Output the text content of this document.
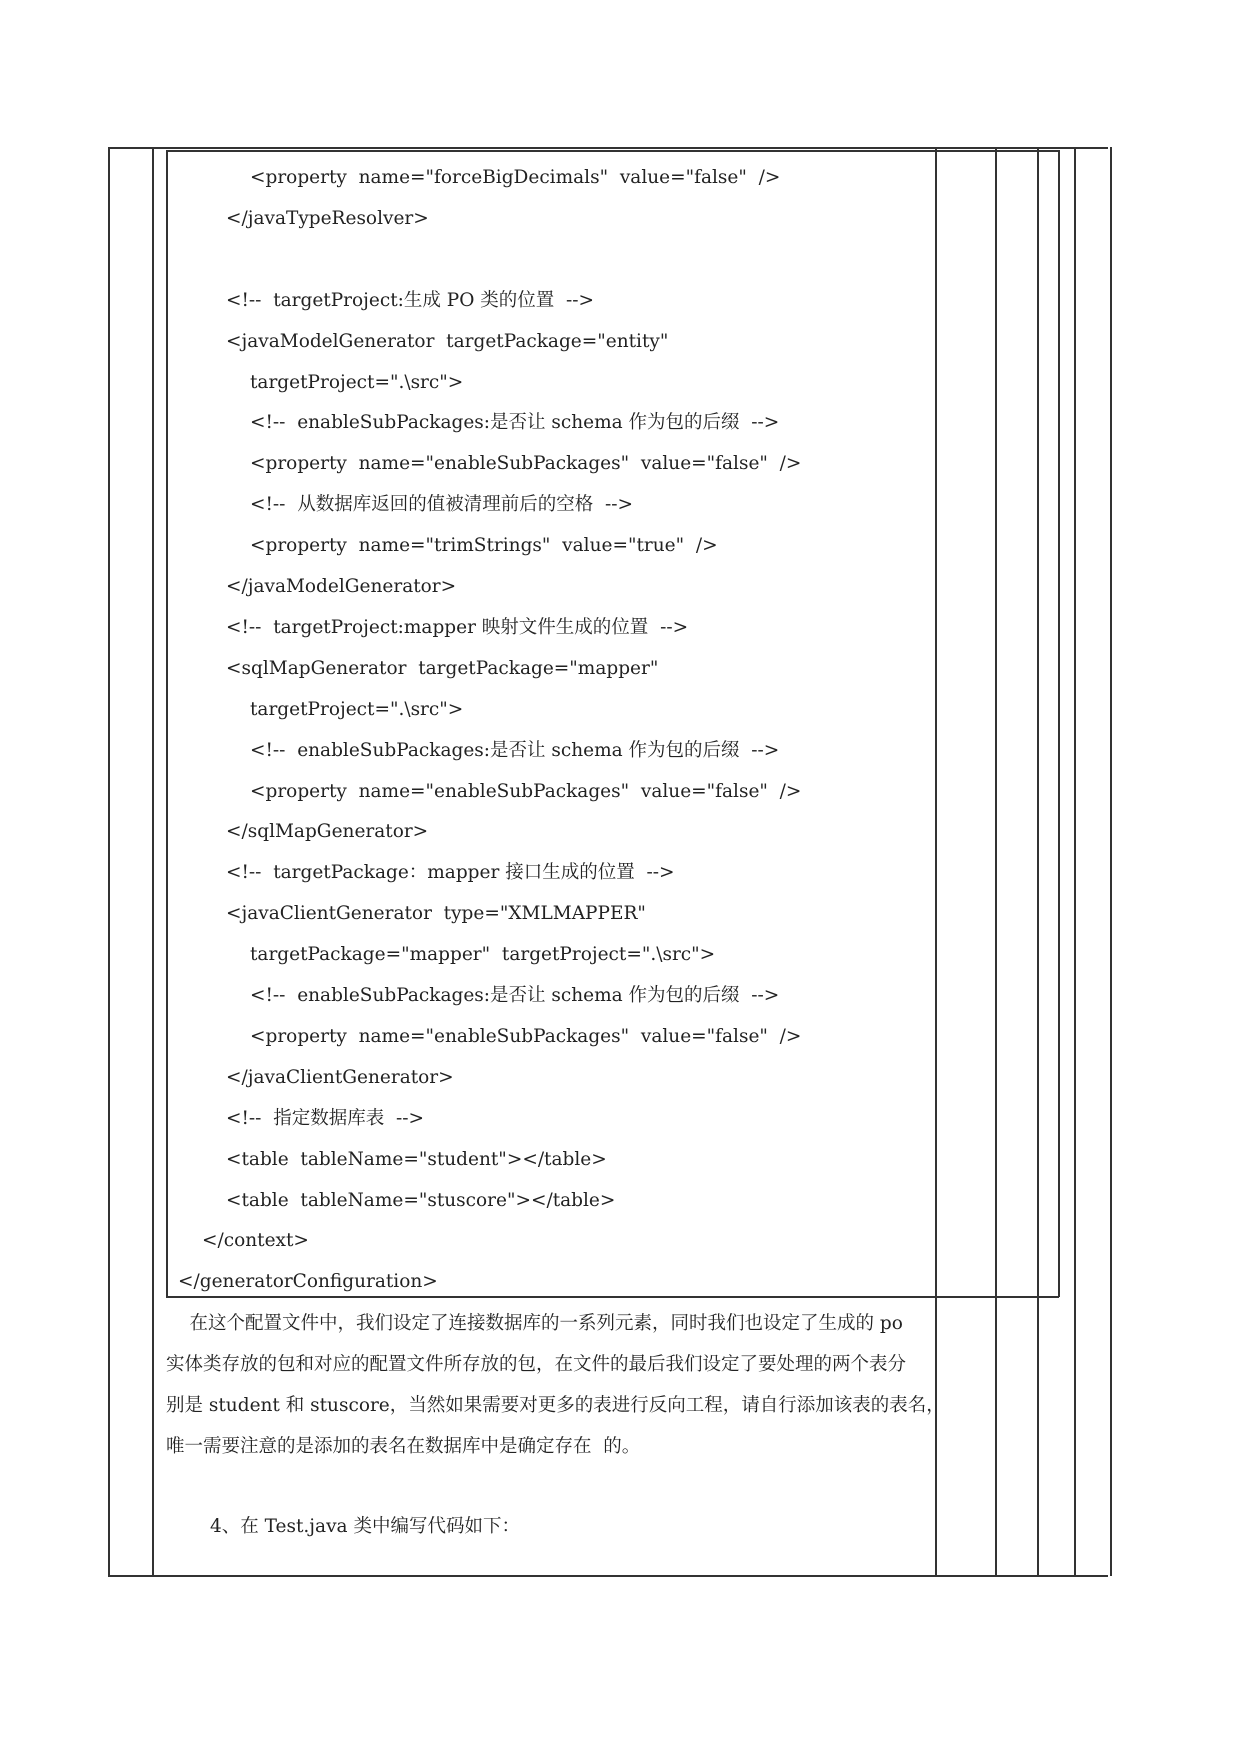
<property  name="forceBigDecimals"  value="false"  />
</javaTypeResolver>
<!--  targetProject:生成 PO 类的位置  -->
<javaModelGenerator  targetPackage="entity"
targetProject=".\src">
<!--  enableSubPackages:是否让 schema 作为包的后缀  -->
<property  name="enableSubPackages"  value="false"  />
<!--  从数据库返回的值被清理前后的空格  -->
<property  name="trimStrings"  value="true"  />
</javaModelGenerator>
<!--  targetProject:mapper 映射文件生成的位置  -->
<sqlMapGenerator  targetPackage="mapper"
targetProject=".\src">
<!--  enableSubPackages:是否让 schema 作为包的后缀  -->
<property  name="enableSubPackages"  value="false"  />
</sqlMapGenerator>
<!--  targetPackage：mapper 接口生成的位置  -->
<javaClientGenerator  type="XMLMAPPER"
targetPackage="mapper"  targetProject=".\src">
<!--  enableSubPackages:是否让 schema 作为包的后缀  -->
<property  name="enableSubPackages"  value="false"  />
</javaClientGenerator>
<!--  指定数据库表  -->
<table  tableName="student"></table>
<table  tableName="stuscore"></table>
</context>
</generatorConfiguration>
在这个配置文件中，我们设定了连接数据库的一系列元素，同时我们也设定了生成的 po
实体类存放的包和对应的配置文件所存放的包，在文件的最后我们设定了要处理的两个表分
别是 student 和 stuscore，当然如果需要对更多的表进行反向工程，请自行添加该表的表名，
唯一需要注意的是添加的表名在数据库中是确定存在  的。
4、在 Test.java 类中编写代码如下：
